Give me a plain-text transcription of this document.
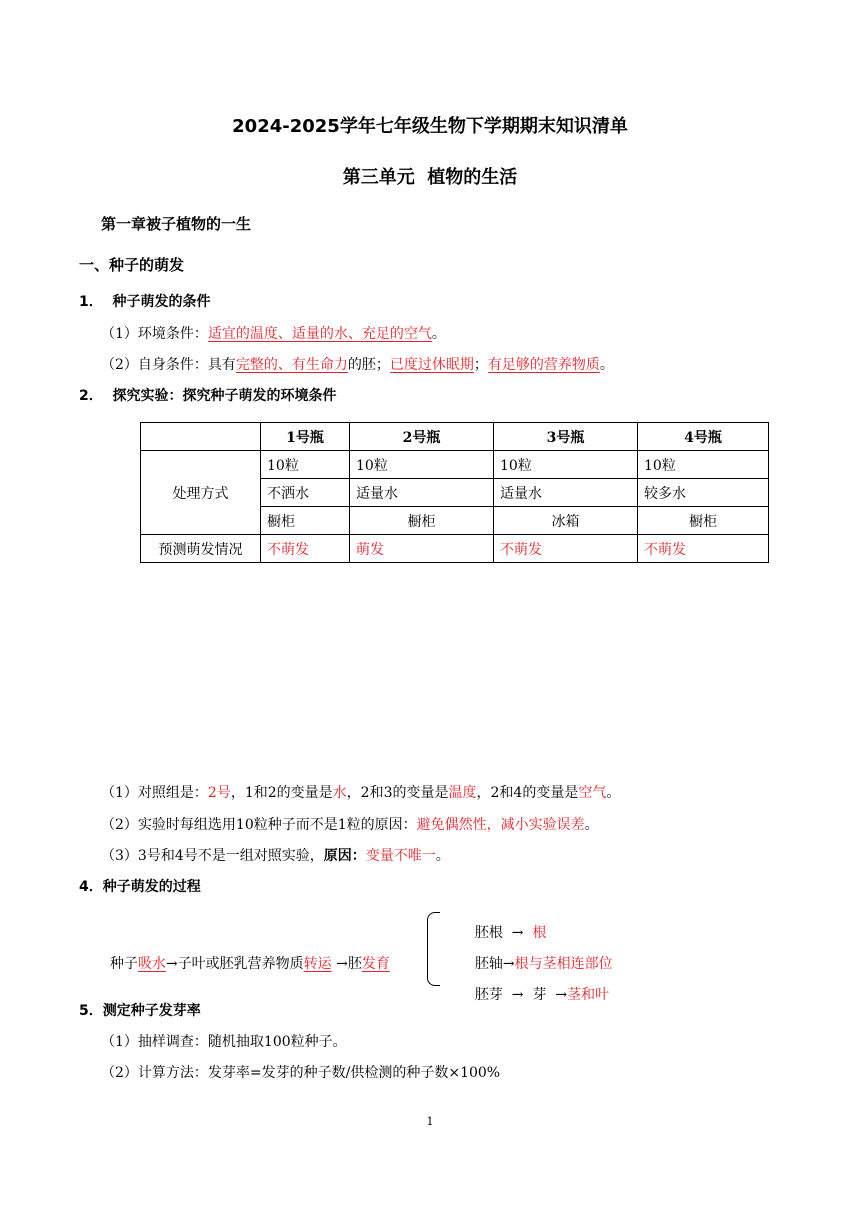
2024-2025学年七年级生物下学期期末知识清单
第三单元  植物的生活
第一章被子植物的一生
一、种子的萌发
1．  种子萌发的条件
（1）环境条件：适宜的温度、适量的水、充足的空气。
（2）自身条件：具有完整的、有生命力的胚；已度过休眠期；有足够的营养物质。
2．  探究实验：探究种子萌发的环境条件
	1号瓶	2号瓶	3号瓶	4号瓶
处理方式	10粒	10粒	10粒	10粒
	不洒水	适量水	适量水	较多水
	橱柜	橱柜	冰箱	橱柜
预测萌发情况	不萌发	萌发	不萌发	不萌发
（1）对照组是：2号，1和2的变量是水，2和3的变量是温度，2和4的变量是空气。
（2）实验时每组选用10粒种子而不是1粒的原因：避免偶然性，减小实验误差。
（3）3号和4号不是一组对照实验，原因：变量不唯一。
4．种子萌发的过程

种子吸水→子叶或胚乳营养物质转运 →胚发育

胚根  →  根

胚轴→根与茎相连部位

胚芽  →  芽  →茎和叶

5．测定种子发芽率
（1）抽样调查：随机抽取100粒种子。
（2）计算方法：发芽率=发芽的种子数/供检测的种子数×100%
1
